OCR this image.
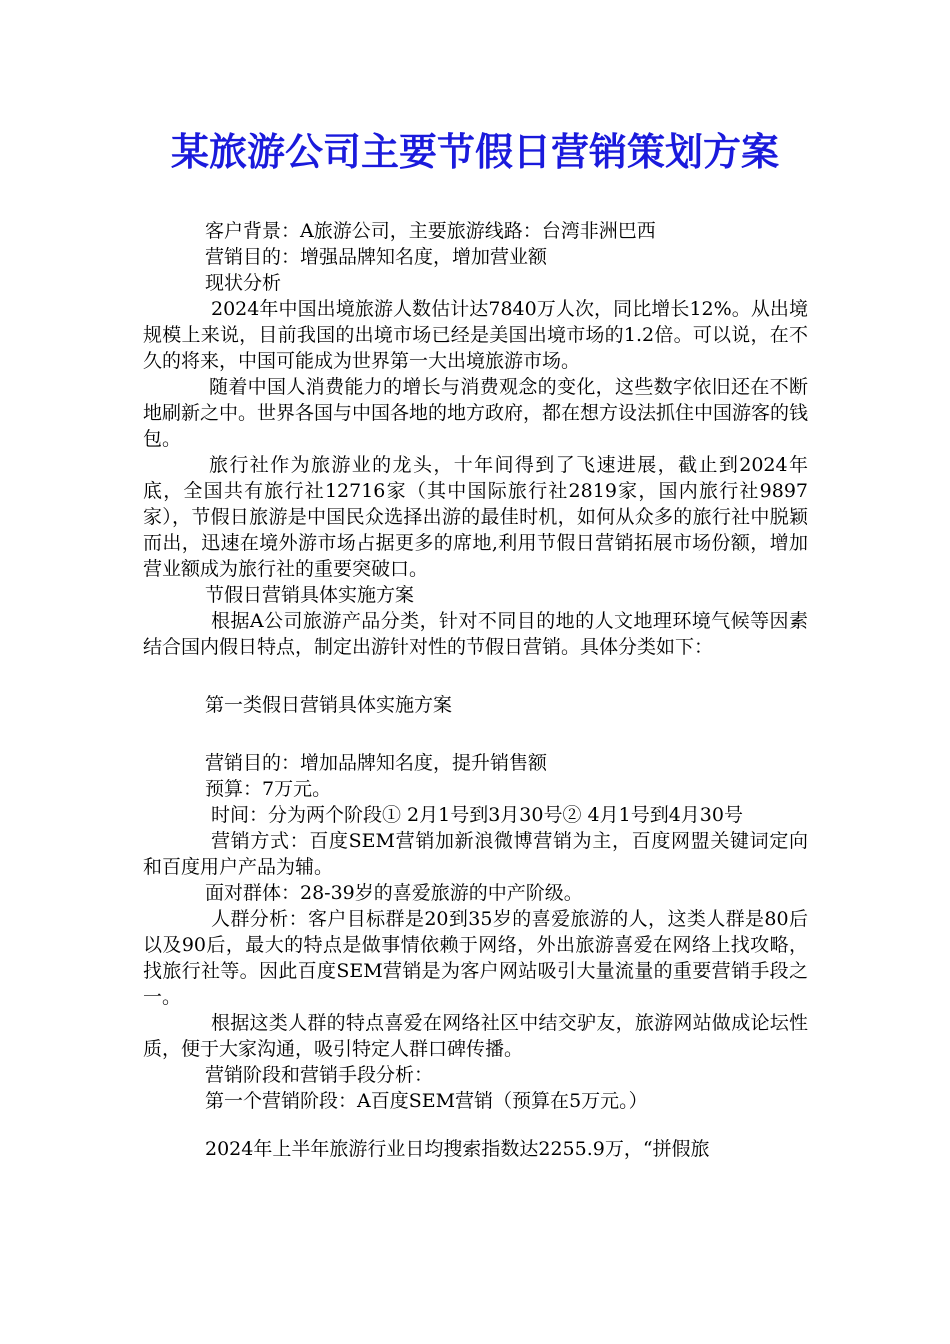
某旅游公司主要节假日营销策划方案

客户背景：A旅游公司，主要旅游线路：台湾非洲巴西

营销目的：增强品牌知名度，增加营业额

现状分析

2024年中国出境旅游人数估计达7840万人次，同比增长12%。从出境规模上来说，目前我国的出境市场已经是美国出境市场的1.2倍。可以说，在不久的将来，中国可能成为世界第一大出境旅游市场。

随着中国人消费能力的增长与消费观念的变化，这些数字依旧还在不断地刷新之中。世界各国与中国各地的地方政府，都在想方设法抓住中国游客的钱包。

旅行社作为旅游业的龙头，十年间得到了飞速进展，截止到2024年底，全国共有旅行社12716家（其中国际旅行社2819家，国内旅行社9897家），节假日旅游是中国民众选择出游的最佳时机，如何从众多的旅行社中脱颖而出，迅速在境外游市场占据更多的席地,利用节假日营销拓展市场份额，增加营业额成为旅行社的重要突破口。

节假日营销具体实施方案

根据A公司旅游产品分类，针对不同目的地的人文地理环境气候等因素结合国内假日特点，制定出游针对性的节假日营销。具体分类如下：

第一类假日营销具体实施方案

营销目的：增加品牌知名度，提升销售额

预算：7万元。

时间：分为两个阶段① 2月1号到3月30号② 4月1号到4月30号

营销方式：百度SEM营销加新浪微博营销为主，百度网盟关键词定向和百度用户产品为辅。

面对群体：28-39岁的喜爱旅游的中产阶级。

人群分析：客户目标群是20到35岁的喜爱旅游的人，这类人群是80后以及90后，最大的特点是做事情依赖于网络，外出旅游喜爱在网络上找攻略，找旅行社等。因此百度SEM营销是为客户网站吸引大量流量的重要营销手段之一。

根据这类人群的特点喜爱在网络社区中结交驴友，旅游网站做成论坛性质，便于大家沟通，吸引特定人群口碑传播。

营销阶段和营销手段分析：

第一个营销阶段：A百度SEM营销（预算在5万元。）

2024年上半年旅游行业日均搜索指数达2255.9万，“拼假旅
